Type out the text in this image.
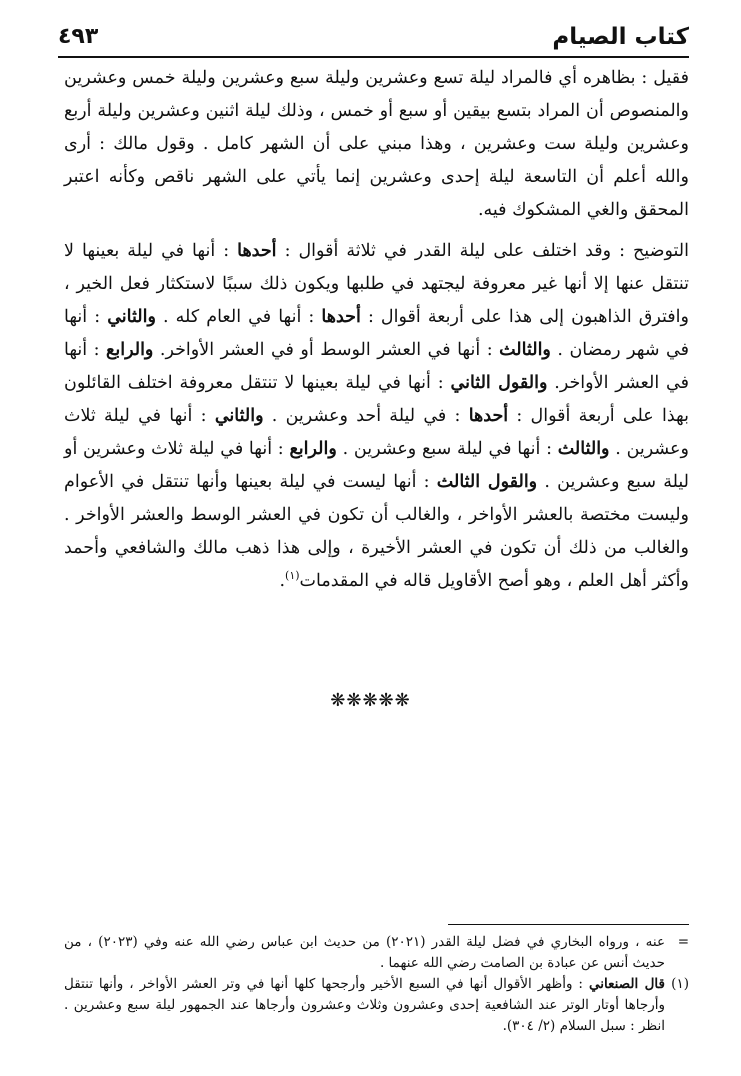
كتاب الصيام
٤٩٣

فقيل : بظاهره أي فالمراد ليلة تسع وعشرين وليلة سبع وعشرين وليلة خمس وعشرين والمنصوص أن المراد بتسع بيقين أو سبع أو خمس ، وذلك ليلة اثنين وعشرين وليلة أربع وعشرين وليلة ست وعشرين ، وهذا مبني على أن الشهر كامل . وقول مالك : أرى والله أعلم أن التاسعة ليلة إحدى وعشرين إنما يأتي على الشهر ناقص وكأنه اعتبر المحقق والغي المشكوك فيه.

التوضيح : وقد اختلف على ليلة القدر في ثلاثة أقوال : أحدها : أنها في ليلة بعينها لا تنتقل عنها إلا أنها غير معروفة ليجتهد في طلبها ويكون ذلك سببًا لاستكثار فعل الخير ، وافترق الذاهبون إلى هذا على أربعة أقوال : أحدها : أنها في العام كله . والثاني : أنها في شهر رمضان . والثالث : أنها في العشر الوسط أو في العشر الأواخر. والرابع : أنها في العشر الأواخر. والقول الثاني : أنها في ليلة بعينها لا تنتقل معروفة اختلف القائلون بهذا على أربعة أقوال : أحدها : في ليلة أحد وعشرين . والثاني : أنها في ليلة ثلاث وعشرين . والثالث : أنها في ليلة سبع وعشرين . والرابع : أنها في ليلة ثلاث وعشرين أو ليلة سبع وعشرين . والقول الثالث : أنها ليست في ليلة بعينها وأنها تنتقل في الأعوام وليست مختصة بالعشر الأواخر ، والغالب أن تكون في العشر الوسط والعشر الأواخر . والغالب من ذلك أن تكون في العشر الأخيرة ، وإلى هذا ذهب مالك والشافعي وأحمد وأكثر أهل العلم ، وهو أصح الأقاويل قاله في المقدمات$^{(١)}$.

❋❋❋❋❋
=
عنه ، ورواه البخاري في فضل ليلة القدر (٢٠٢١) من حديث ابن عباس رضي الله عنه وفي (٢٠٢٣) ، من حديث أنس عن عبادة بن الصامت رضي الله عنهما .
(١)
قال الصنعاني : وأظهر الأقوال أنها في السبع الأخير وأرجحها كلها أنها في وتر العشر الأواخر ، وأنها تنتقل وأرجاها أوتار الوتر عند الشافعية إحدى وعشرون وثلاث وعشرون وأرجاها عند الجمهور ليلة سبع وعشرين . انظر : سبل السلام (٢/ ٣٠٤).
